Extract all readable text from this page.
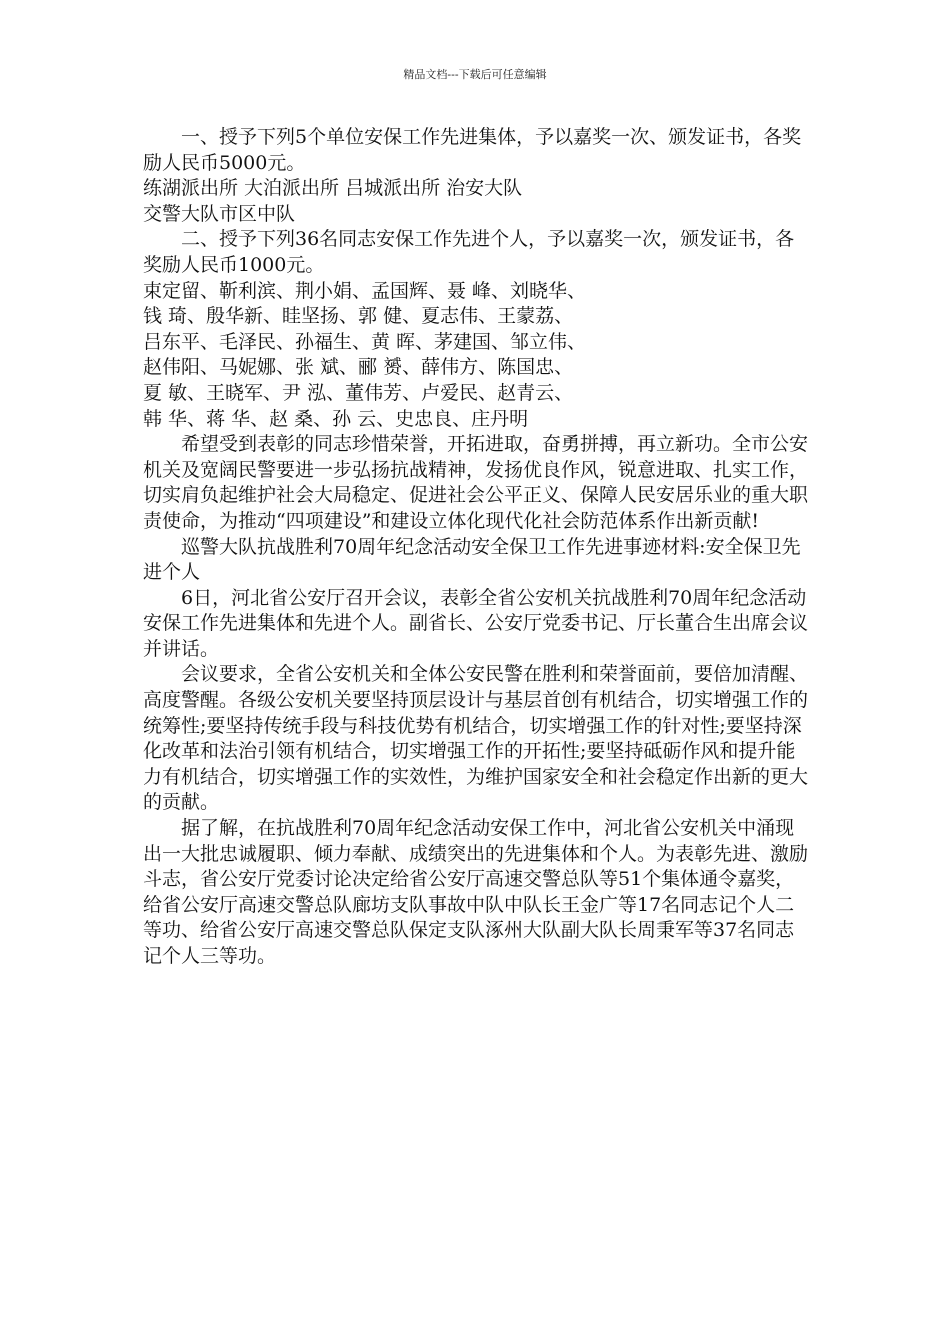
精品文档---下载后可任意编辑

一、授予下列5个单位安保工作先进集体，予以嘉奖一次、颁发证书，各奖励人民币5000元。

练湖派出所 大泊派出所 吕城派出所 治安大队

交警大队市区中队

二、授予下列36名同志安保工作先进个人，予以嘉奖一次，颁发证书，各奖励人民币1000元。

束定留、靳利滨、荆小娟、孟国辉、聂 峰、刘晓华、

钱 琦、殷华新、眭坚扬、郭 健、夏志伟、王蒙荔、

吕东平、毛泽民、孙福生、黄 晖、茅建国、邹立伟、

赵伟阳、马妮娜、张 斌、郦 赟、薛伟方、陈国忠、

夏 敏、王晓军、尹 泓、董伟芳、卢爱民、赵青云、

韩 华、蒋 华、赵 桑、孙 云、史忠良、庄丹明

希望受到表彰的同志珍惜荣誉，开拓进取，奋勇拼搏，再立新功。全市公安机关及宽阔民警要进一步弘扬抗战精神，发扬优良作风，锐意进取、扎实工作，切实肩负起维护社会大局稳定、促进社会公平正义、保障人民安居乐业的重大职责使命，为推动“四项建设”和建设立体化现代化社会防范体系作出新贡献!

巡警大队抗战胜利70周年纪念活动安全保卫工作先进事迹材料:安全保卫先进个人

6日，河北省公安厅召开会议，表彰全省公安机关抗战胜利70周年纪念活动安保工作先进集体和先进个人。副省长、公安厅党委书记、厅长董合生出席会议并讲话。

会议要求，全省公安机关和全体公安民警在胜利和荣誉面前，要倍加清醒、高度警醒。各级公安机关要坚持顶层设计与基层首创有机结合，切实增强工作的统筹性;要坚持传统手段与科技优势有机结合，切实增强工作的针对性;要坚持深化改革和法治引领有机结合，切实增强工作的开拓性;要坚持砥砺作风和提升能力有机结合，切实增强工作的实效性，为维护国家安全和社会稳定作出新的更大的贡献。

据了解，在抗战胜利70周年纪念活动安保工作中，河北省公安机关中涌现出一大批忠诚履职、倾力奉献、成绩突出的先进集体和个人。为表彰先进、激励斗志，省公安厅党委讨论决定给省公安厅高速交警总队等51个集体通令嘉奖，给省公安厅高速交警总队廊坊支队事故中队中队长王金广等17名同志记个人二等功、给省公安厅高速交警总队保定支队涿州大队副大队长周秉军等37名同志记个人三等功。
